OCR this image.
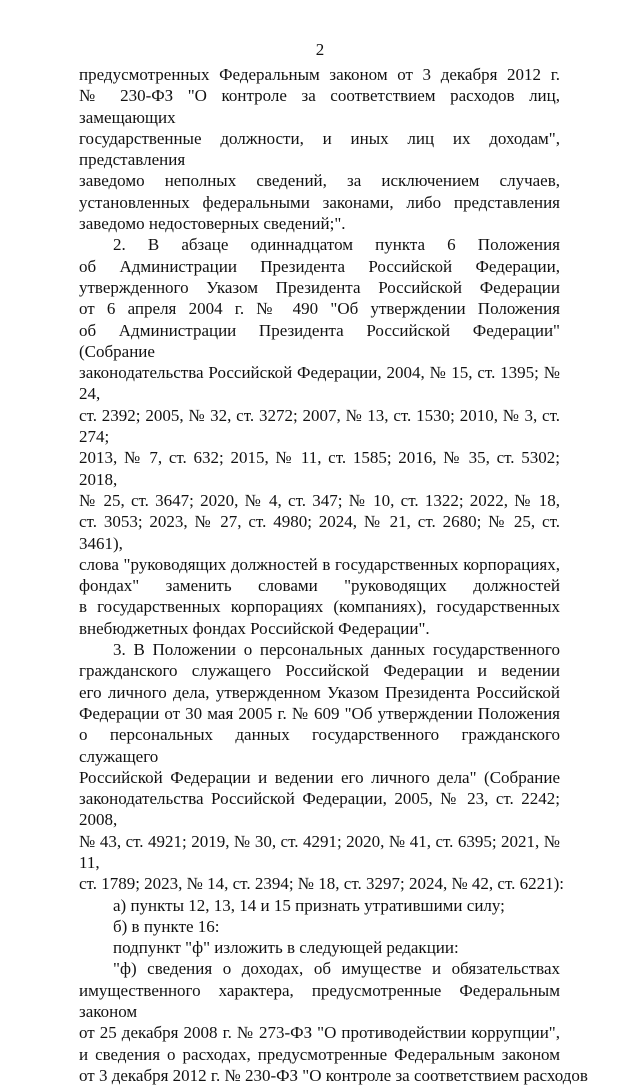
2
предусмотренных Федеральным законом от 3 декабря 2012 г.
№ 230-ФЗ "О контроле за соответствием расходов лиц, замещающих
государственные должности, и иных лиц их доходам", представления
заведомо неполных сведений, за исключением случаев,
установленных федеральными законами, либо представления
заведомо недостоверных сведений;".
2. В абзаце одиннадцатом пункта 6 Положения
об Администрации Президента Российской Федерации,
утвержденного Указом Президента Российской Федерации
от 6 апреля 2004 г. № 490 "Об утверждении Положения
об Администрации Президента Российской Федерации" (Собрание
законодательства Российской Федерации, 2004, № 15, ст. 1395; № 24,
ст. 2392; 2005, № 32, ст. 3272; 2007, № 13, ст. 1530; 2010, № 3, ст. 274;
2013, № 7, ст. 632; 2015, № 11, ст. 1585; 2016, № 35, ст. 5302; 2018,
№ 25, ст. 3647; 2020, № 4, ст. 347; № 10, ст. 1322; 2022, № 18,
ст. 3053; 2023, № 27, ст. 4980; 2024, № 21, ст. 2680; № 25, ст. 3461),
слова "руководящих должностей в государственных корпорациях,
фондах" заменить словами "руководящих должностей
в государственных корпорациях (компаниях), государственных
внебюджетных фондах Российской Федерации".
3. В Положении о персональных данных государственного
гражданского служащего Российской Федерации и ведении
его личного дела, утвержденном Указом Президента Российской
Федерации от 30 мая 2005 г. № 609 "Об утверждении Положения
о персональных данных государственного гражданского служащего
Российской Федерации и ведении его личного дела" (Собрание
законодательства Российской Федерации, 2005, № 23, ст. 2242; 2008,
№ 43, ст. 4921; 2019, № 30, ст. 4291; 2020, № 41, ст. 6395; 2021, № 11,
ст. 1789; 2023, № 14, ст. 2394; № 18, ст. 3297; 2024, № 42, ст. 6221):
а) пункты 12, 13, 14 и 15 признать утратившими силу;
б) в пункте 16:
подпункт "ф" изложить в следующей редакции:
"ф) сведения о доходах, об имуществе и обязательствах
имущественного характера, предусмотренные Федеральным законом
от 25 декабря 2008 г. № 273-ФЗ "О противодействии коррупции",
и сведения о расходах, предусмотренные Федеральным законом
от 3 декабря 2012 г. № 230-ФЗ "О контроле за соответствием расходов
